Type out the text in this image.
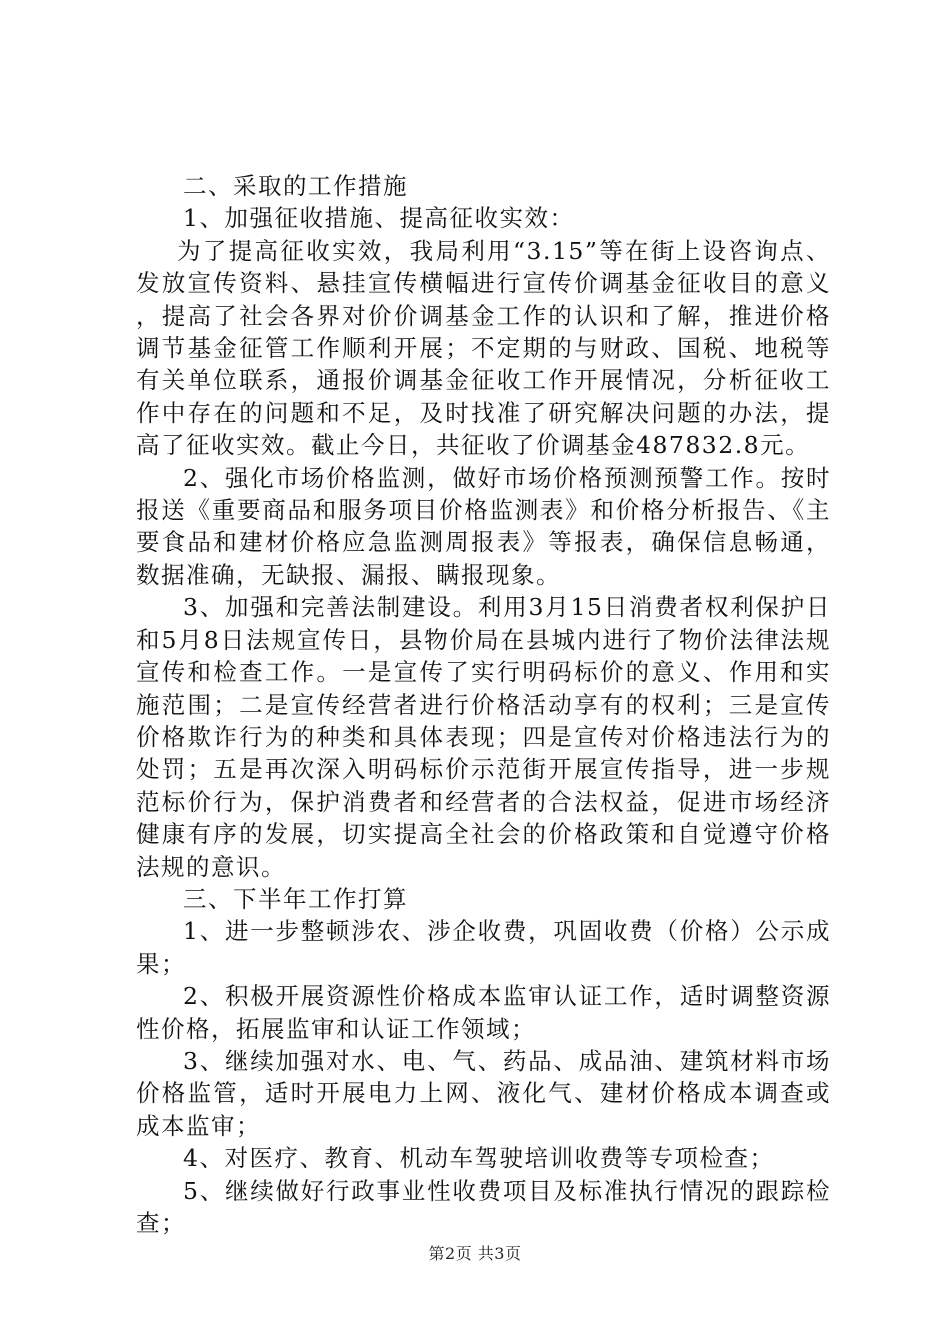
二、采取的工作措施

1、加强征收措施、提高征收实效：

为了提高征收实效，我局利用“3.15”等在街上设咨询点、发放宣传资料、悬挂宣传横幅进行宣传价调基金征收目的意义，提高了社会各界对价价调基金工作的认识和了解，推进价格调节基金征管工作顺利开展；不定期的与财政、国税、地税等有关单位联系，通报价调基金征收工作开展情况，分析征收工作中存在的问题和不足，及时找准了研究解决问题的办法，提高了征收实效。截止今日，共征收了价调基金487832.8元。

2、强化市场价格监测，做好市场价格预测预警工作。按时报送《重要商品和服务项目价格监测表》和价格分析报告、《主要食品和建材价格应急监测周报表》等报表，确保信息畅通，数据准确，无缺报、漏报、瞒报现象。

3、加强和完善法制建设。利用3月15日消费者权利保护日和5月8日法规宣传日，县物价局在县城内进行了物价法律法规宣传和检查工作。一是宣传了实行明码标价的意义、作用和实施范围；二是宣传经营者进行价格活动享有的权利；三是宣传价格欺诈行为的种类和具体表现；四是宣传对价格违法行为的处罚；五是再次深入明码标价示范街开展宣传指导，进一步规范标价行为，保护消费者和经营者的合法权益，促进市场经济健康有序的发展，切实提高全社会的价格政策和自觉遵守价格法规的意识。

三、下半年工作打算

1、进一步整顿涉农、涉企收费，巩固收费（价格）公示成果；

2、积极开展资源性价格成本监审认证工作，适时调整资源性价格，拓展监审和认证工作领域；

3、继续加强对水、电、气、药品、成品油、建筑材料市场价格监管，适时开展电力上网、液化气、建材价格成本调查或成本监审；

4、对医疗、教育、机动车驾驶培训收费等专项检查；

5、继续做好行政事业性收费项目及标准执行情况的跟踪检查；

第2页 共3页
